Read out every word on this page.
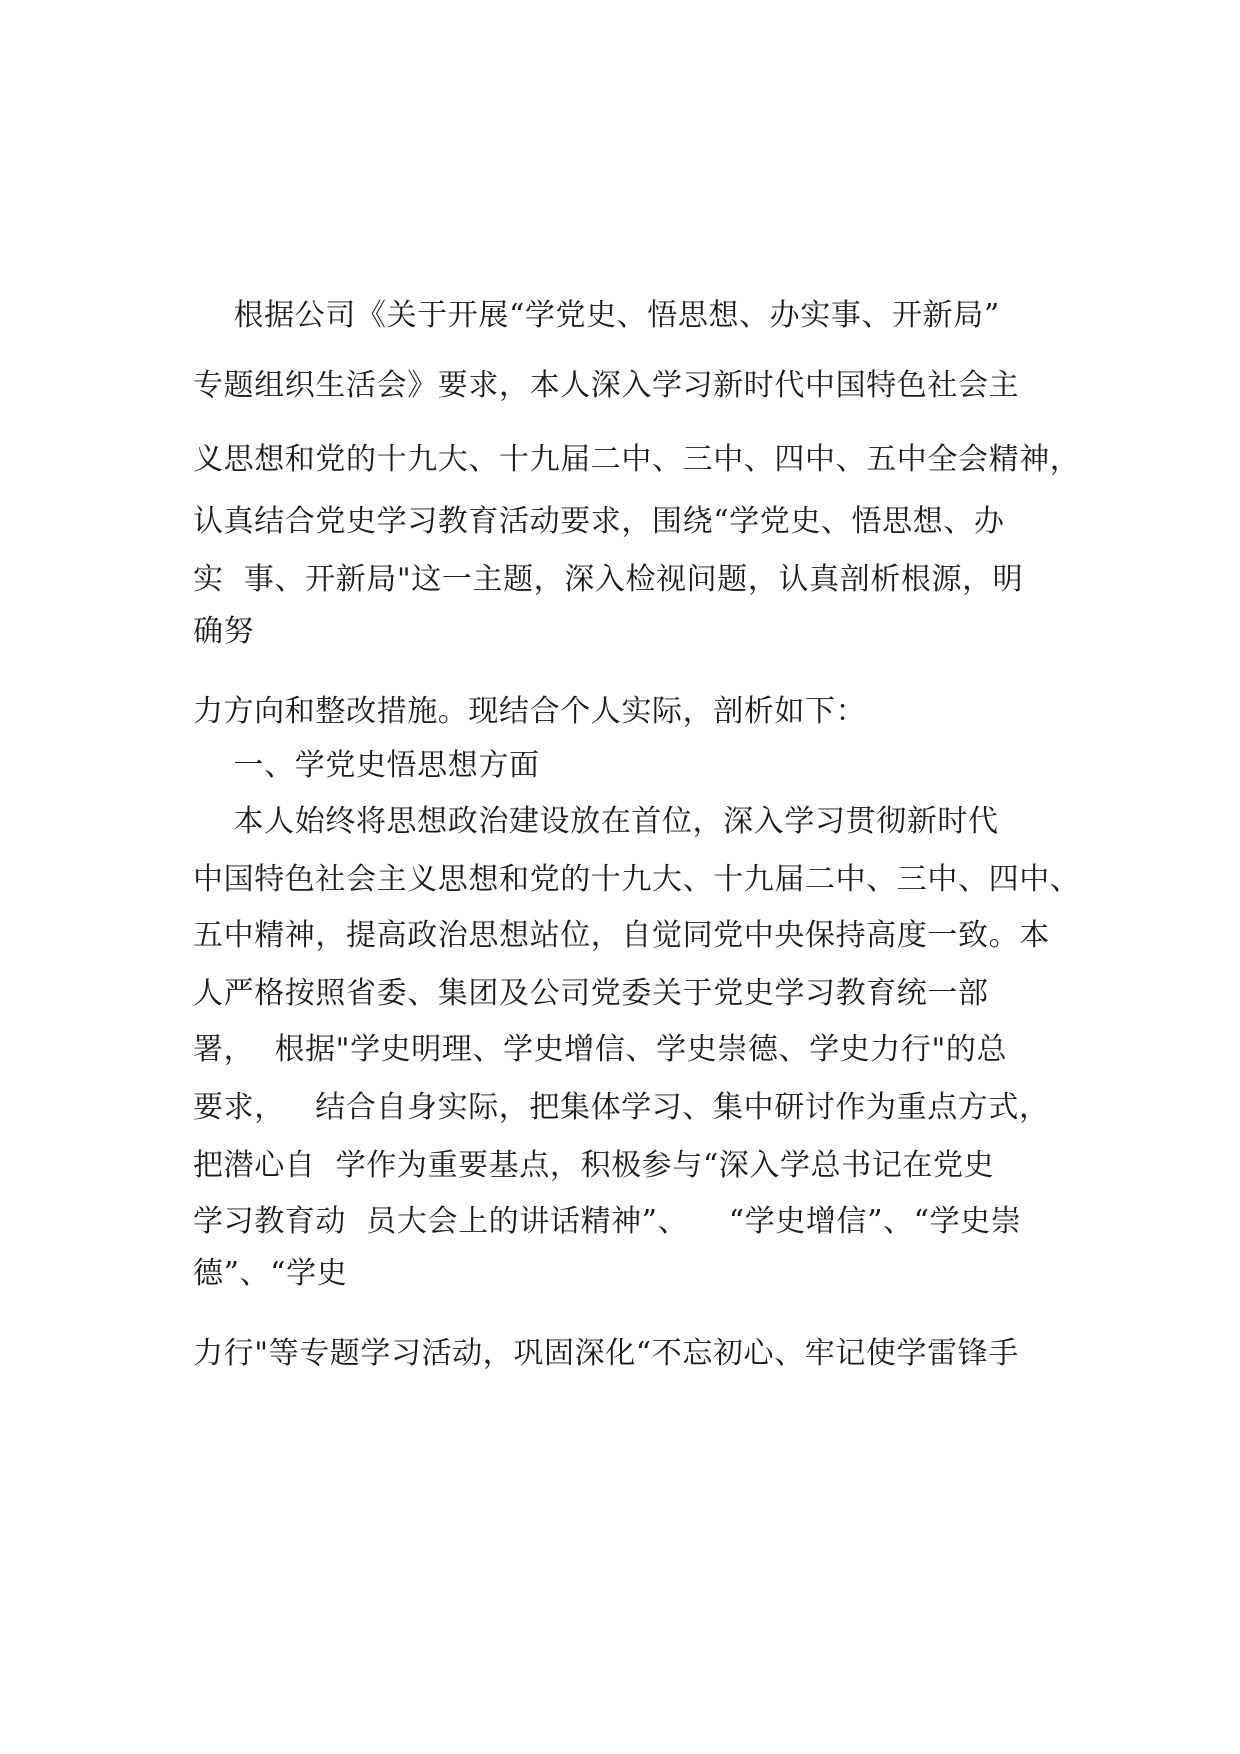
根据公司《关于开展“学党史、悟思想、办实事、开新局”
专题组织生活会》要求，本人深入学习新时代中国特色社会主
义思想和党的十九大、十九届二中、三中、四中、五中全会精神，
认真结合党史学习教育活动要求，围绕“学党史、悟思想、办
实  事、开新局"这一主题，深入检视问题，认真剖析根源，明
确努
力方向和整改措施。现结合个人实际，剖析如下：
一、学党史悟思想方面
本人始终将思想政治建设放在首位，深入学习贯彻新时代
中国特色社会主义思想和党的十九大、十九届二中、三中、四中、
五中精神，提高政治思想站位，自觉同党中央保持高度一致。本
人严格按照省委、集团及公司党委关于党史学习教育统一部
署，  根据"学史明理、学史增信、学史崇德、学史力行"的总
要求，   结合自身实际，把集体学习、集中研讨作为重点方式，
把潜心自  学作为重要基点，积极参与“深入学总书记在党史
学习教育动  员大会上的讲话精神”、    “学史增信”、“学史崇
德”、“学史
力行"等专题学习活动，巩固深化“不忘初心、牢记使学雷锋手
